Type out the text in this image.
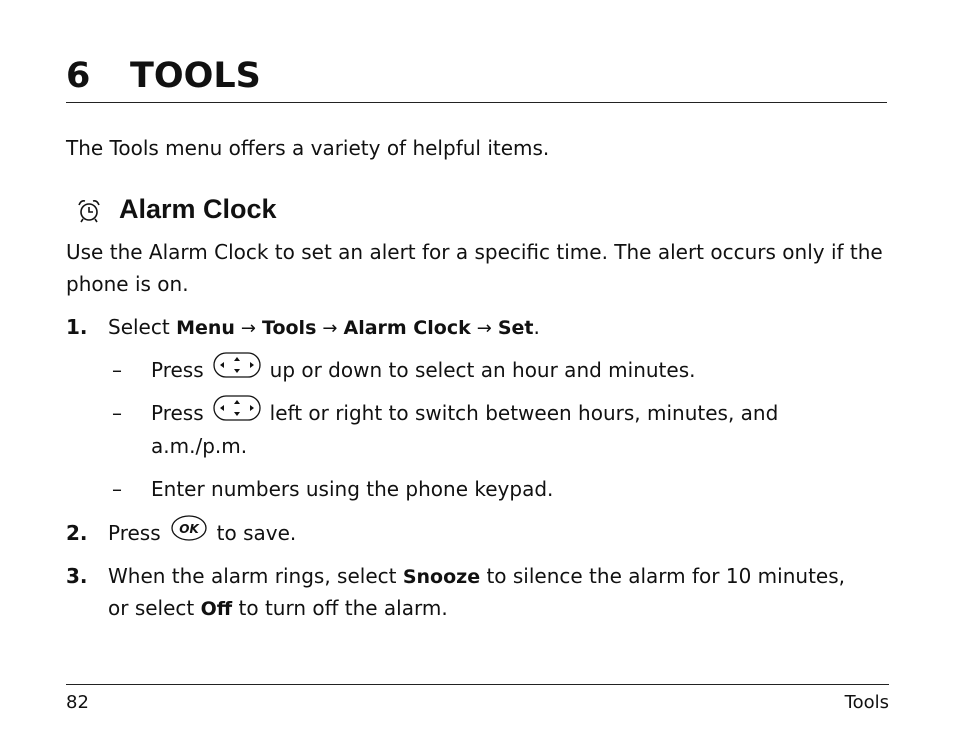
6 TOOLS
The Tools menu offers a variety of helpful items.
Alarm Clock
Use the Alarm Clock to set an alert for a specific time. The alert occurs only if the phone is on.
1. Select Menu → Tools → Alarm Clock → Set.
– Press	up or down to select an hour and minutes.
– Press	left or right to switch between hours, minutes, and
a.m./p.m.
– Enter numbers using the phone keypad.
2. Press OK to save.
3. When the alarm rings, select Snooze to silence the alarm for 10 minutes,
or select Off to turn off the alarm.
82	Tools
